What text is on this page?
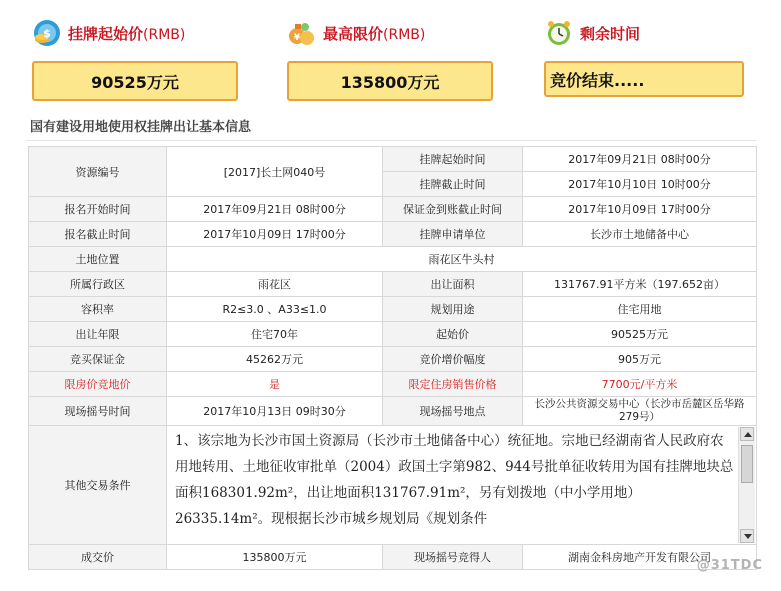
$ 挂牌起始价(RMB)
90525万元
¥ 最高限价(RMB)
135800万元
剩余时间
竞价结束.....
国有建设用地使用权挂牌出让基本信息
资源编号	[2017]长土网040号	挂牌起始时间	2017年09月21日 08时00分
		挂牌截止时间	2017年10月10日 10时00分
报名开始时间	2017年09月21日 08时00分	保证金到账截止时间	2017年10月09日 17时00分
报名截止时间	2017年10月09日 17时00分	挂牌申请单位	长沙市土地储备中心
土地位置	雨花区牛头村		
所属行政区	雨花区	出让面积	131767.91平方米（197.652亩）
容积率	R2≤3.0 、A33≤1.0	规划用途	住宅用地
出让年限	住宅70年	起始价	90525万元
竞买保证金	45262万元	竞价增价幅度	905万元
限房价竞地价	是	限定住房销售价格	7700元/平方米
现场摇号时间	2017年10月13日 09时30分	现场摇号地点	长沙公共资源交易中心（长沙市岳麓区岳华路279号）
其他交易条件	1、该宗地为长沙市国土资源局（长沙市土地储备中心）统征地。宗地已经湖南省人民政府农用地转用、土地征收审批单（2004）政国土字第982、944号批单征收转用为国有挂牌地块总面积168301.92m²，出让地面积131767.91m²，另有划拨地（中小学用地）26335.14m²。现根据长沙市城乡规划局《规划条件		

成交价	135800万元	现场摇号竞得人	湖南金科房地产开发有限公司
@31TDC
